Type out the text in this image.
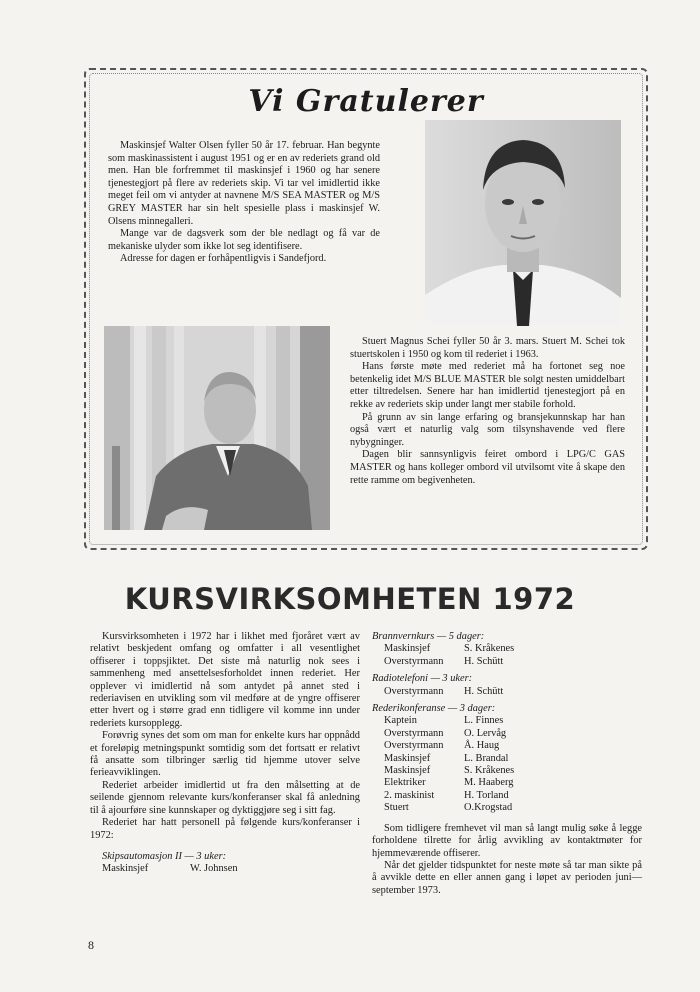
Vi Gratulerer

Maskinsjef Walter Olsen fyller 50 år 17. februar. Han begynte som maskinassistent i august 1951 og er en av rederiets grand old men. Han ble forfremmet til maskinsjef i 1960 og har senere tjenestegjort på flere av rederiets skip. Vi tar vel imidlertid ikke meget feil om vi antyder at navnene M/S SEA MASTER og M/S GREY MASTER har sin helt spesielle plass i maskinsjef W. Olsens minnegalleri.

Mange var de dagsverk som der ble nedlagt og få var de mekaniske ulyder som ikke lot seg identifisere.

Adresse for dagen er forhåpentligvis i Sandefjord.

Stuert Magnus Schei fyller 50 år 3. mars. Stuert M. Schei tok stuertskolen i 1950 og kom til rederiet i 1963.

Hans første møte med rederiet må ha fortonet seg noe betenkelig idet M/S BLUE MASTER ble solgt nesten umiddelbart etter tiltredelsen. Senere har han imidlertid tjenestegjort på en rekke av rederiets skip under langt mer stabile forhold.

På grunn av sin lange erfaring og bransjekunnskap har han også vært et naturlig valg som tilsynshavende ved flere nybygninger.

Dagen blir sannsynligvis feiret ombord i LPG/C GAS MASTER og hans kolleger ombord vil utvilsomt vite å skape den rette ramme om begivenheten.

KURSVIRKSOMHETEN 1972

Kursvirksomheten i 1972 har i likhet med fjoråret vært av relativt beskjedent omfang og omfatter i all vesentlighet offiserer i toppsjiktet. Det siste må naturlig nok sees i sammenheng med ansettelsesforholdet innen rederiet. Her opplever vi imidlertid nå som antydet på annet sted i rederiavisen en utvikling som vil medføre at de yngre offiserer etter hvert og i større grad enn tidligere vil komme inn under rederiets kursopplegg.

Forøvrig synes det som om man for enkelte kurs har oppnådd et foreløpig metningspunkt somtidig som det fortsatt er relativt få ansatte som tilbringer særlig tid hjemme utover selve ferieavviklingen.

Rederiet arbeider imidlertid ut fra den målsetting at de seilende gjennom relevante kurs/konferanser skal få anledning til å ajourføre sine kunnskaper og dyktiggjøre seg i sitt fag.

Rederiet har hatt personell på følgende kurs/konferanser i 1972:

Skipsautomasjon II — 3 uker:

Maskinsjef	W. Johnsen

Brannvernkurs — 5 dager:

Maskinsjef	S. Kråkenes
Overstyrmann	H. Schütt

Radiotelefoni — 3 uker:

Overstyrmann	H. Schütt

Rederikonferanse — 3 dager:

Kaptein	L. Finnes
Overstyrmann	O. Lervåg
Overstyrmann	Å. Haug
Maskinsjef	L. Brandal
Maskinsjef	S. Kråkenes
Elektriker	M. Haaberg
2. maskinist	H. Torland
Stuert	O.Krogstad

Som tidligere fremhevet vil man så langt mulig søke å legge forholdene tilrette for årlig avvikling av kontaktmøter for hjemmeværende offiserer.

Når det gjelder tidspunktet for neste møte så tar man sikte på å avvikle dette en eller annen gang i løpet av perioden juni—september 1973.

8
